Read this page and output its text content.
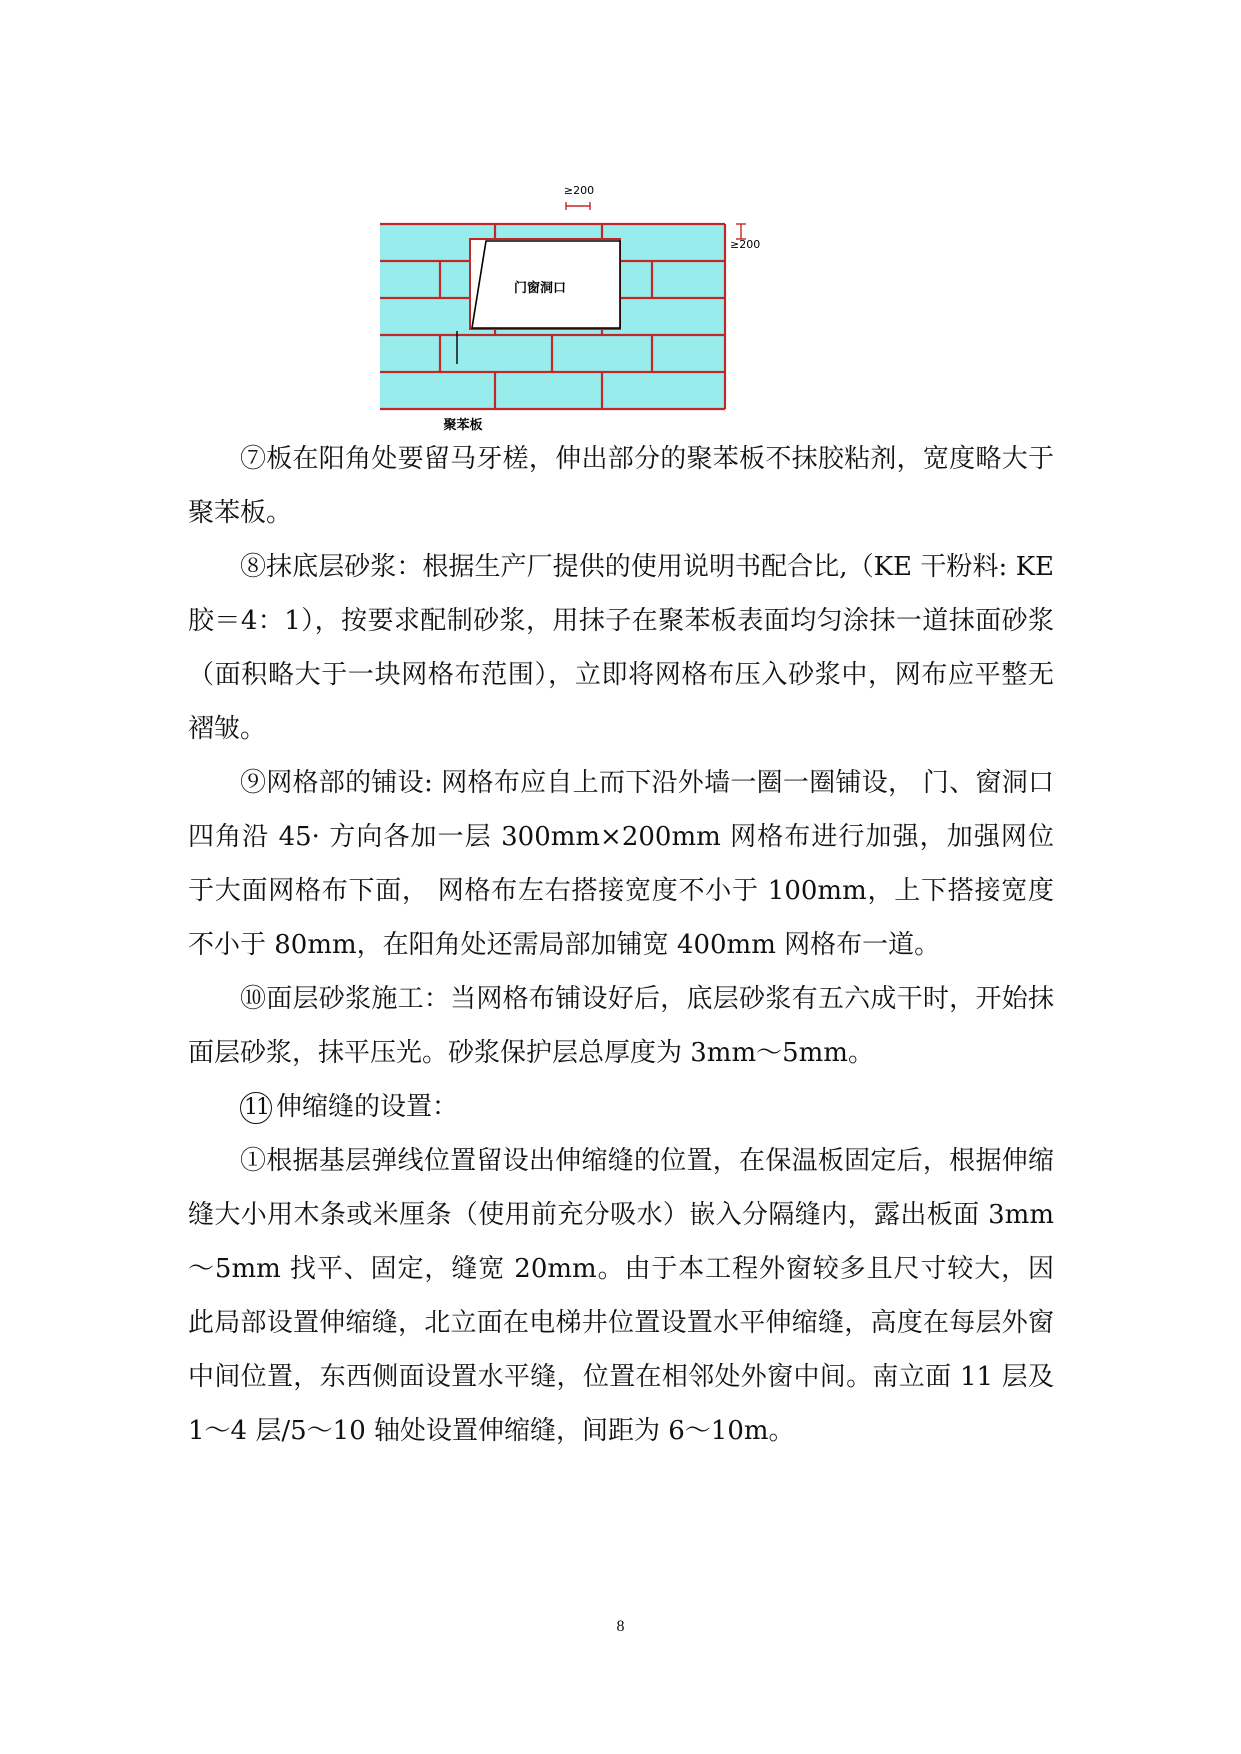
门窗洞口
≥200
≥200
聚苯板

⑦板在阳角处要留马牙槎，伸出部分的聚苯板不抹胶粘剂，宽度略大于聚苯板。

⑧抹底层砂浆：根据生产厂提供的使用说明书配合比,（KE 干粉料: KE 胶＝4：1），按要求配制砂浆，用抹子在聚苯板表面均匀涂抹一道抹面砂浆（面积略大于一块网格布范围），立即将网格布压入砂浆中，网布应平整无褶皱。

⑨网格部的铺设: 网格布应自上而下沿外墙一圈一圈铺设， 门、窗洞口四角沿 45· 方向各加一层 300mm×200mm 网格布进行加强，加强网位于大面网格布下面， 网格布左右搭接宽度不小于 100mm，上下搭接宽度不小于 80mm，在阳角处还需局部加铺宽 400mm 网格布一道。

⑩面层砂浆施工：当网格布铺设好后，底层砂浆有五六成干时，开始抹面层砂浆，抹平压光。砂浆保护层总厚度为 3mm～5mm。

11 伸缩缝的设置：

①根据基层弹线位置留设出伸缩缝的位置，在保温板固定后，根据伸缩缝大小用木条或米厘条（使用前充分吸水）嵌入分隔缝内，露出板面 3mm～5mm 找平、固定，缝宽 20mm。由于本工程外窗较多且尺寸较大，因此局部设置伸缩缝，北立面在电梯井位置设置水平伸缩缝，高度在每层外窗中间位置，东西侧面设置水平缝，位置在相邻处外窗中间。南立面 11 层及 1～4 层/5～10 轴处设置伸缩缝，间距为 6～10m。

8
